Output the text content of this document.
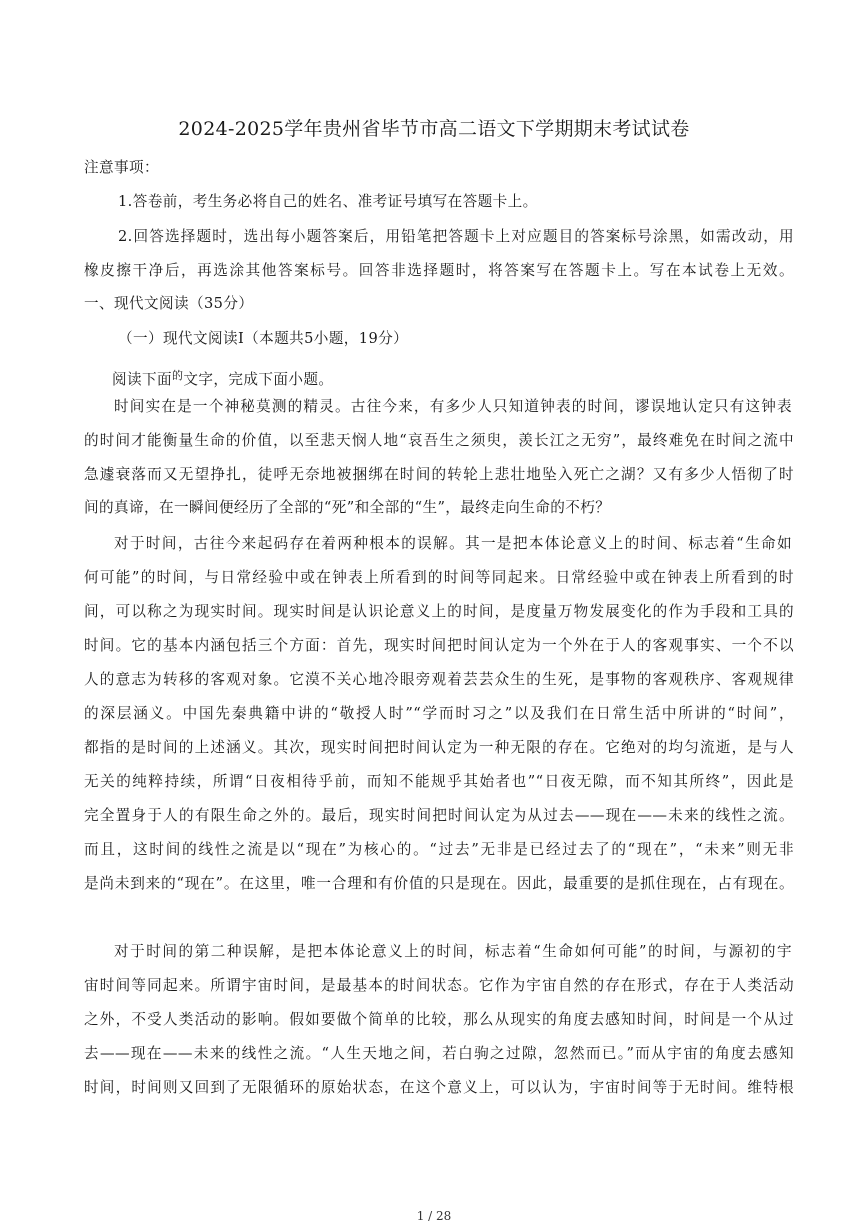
2024-2025学年贵州省毕节市高二语文下学期期末考试试卷

注意事项：

1.答卷前，考生务必将自己的姓名、准考证号填写在答题卡上。

2.回答选择题时，选出每小题答案后，用铅笔把答题卡上对应题目的答案标号涂黑，如需改动，用

橡皮擦干净后，再选涂其他答案标号。回答非选择题时，将答案写在答题卡上。写在本试卷上无效。

一、现代文阅读（35分）

（一）现代文阅读Ⅰ（本题共5小题，19分）

阅读下面$^的$文字，完成下面小题。

时间实在是一个神秘莫测的精灵。古往今来，有多少人只知道钟表的时间，谬误地认定只有这钟表

的时间才能衡量生命的价值，以至悲天悯人地“哀吾生之须臾，羡长江之无穷”，最终难免在时间之流中

急遽衰落而又无望挣扎，徒呼无奈地被捆绑在时间的转轮上悲壮地坠入死亡之湖？又有多少人悟彻了时

间的真谛，在一瞬间便经历了全部的“死”和全部的“生”，最终走向生命的不朽？

对于时间，古往今来起码存在着两种根本的误解。其一是把本体论意义上的时间、标志着“生命如

何可能”的时间，与日常经验中或在钟表上所看到的时间等同起来。日常经验中或在钟表上所看到的时

间，可以称之为现实时间。现实时间是认识论意义上的时间，是度量万物发展变化的作为手段和工具的

时间。它的基本内涵包括三个方面：首先，现实时间把时间认定为一个外在于人的客观事实、一个不以

人的意志为转移的客观对象。它漠不关心地冷眼旁观着芸芸众生的生死，是事物的客观秩序、客观规律

的深层涵义。中国先秦典籍中讲的“敬授人时”“学而时习之”以及我们在日常生活中所讲的“时间”，

都指的是时间的上述涵义。其次，现实时间把时间认定为一种无限的存在。它绝对的均匀流逝，是与人

无关的纯粹持续，所谓“日夜相待乎前，而知不能规乎其始者也”“日夜无隙，而不知其所终”，因此是

完全置身于人的有限生命之外的。最后，现实时间把时间认定为从过去——现在——未来的线性之流。

而且，这时间的线性之流是以“现在”为核心的。“过去”无非是已经过去了的“现在”，“未来”则无非

是尚未到来的“现在”。在这里，唯一合理和有价值的只是现在。因此，最重要的是抓住现在，占有现在。

对于时间的第二种误解，是把本体论意义上的时间，标志着“生命如何可能”的时间，与源初的宇

宙时间等同起来。所谓宇宙时间，是最基本的时间状态。它作为宇宙自然的存在形式，存在于人类活动

之外，不受人类活动的影响。假如要做个简单的比较，那么从现实的角度去感知时间，时间是一个从过

去——现在——未来的线性之流。“人生天地之间，若白驹之过隙，忽然而已。”而从宇宙的角度去感知

时间，时间则又回到了无限循环的原始状态，在这个意义上，可以认为，宇宙时间等于无时间。维特根

1 / 28
